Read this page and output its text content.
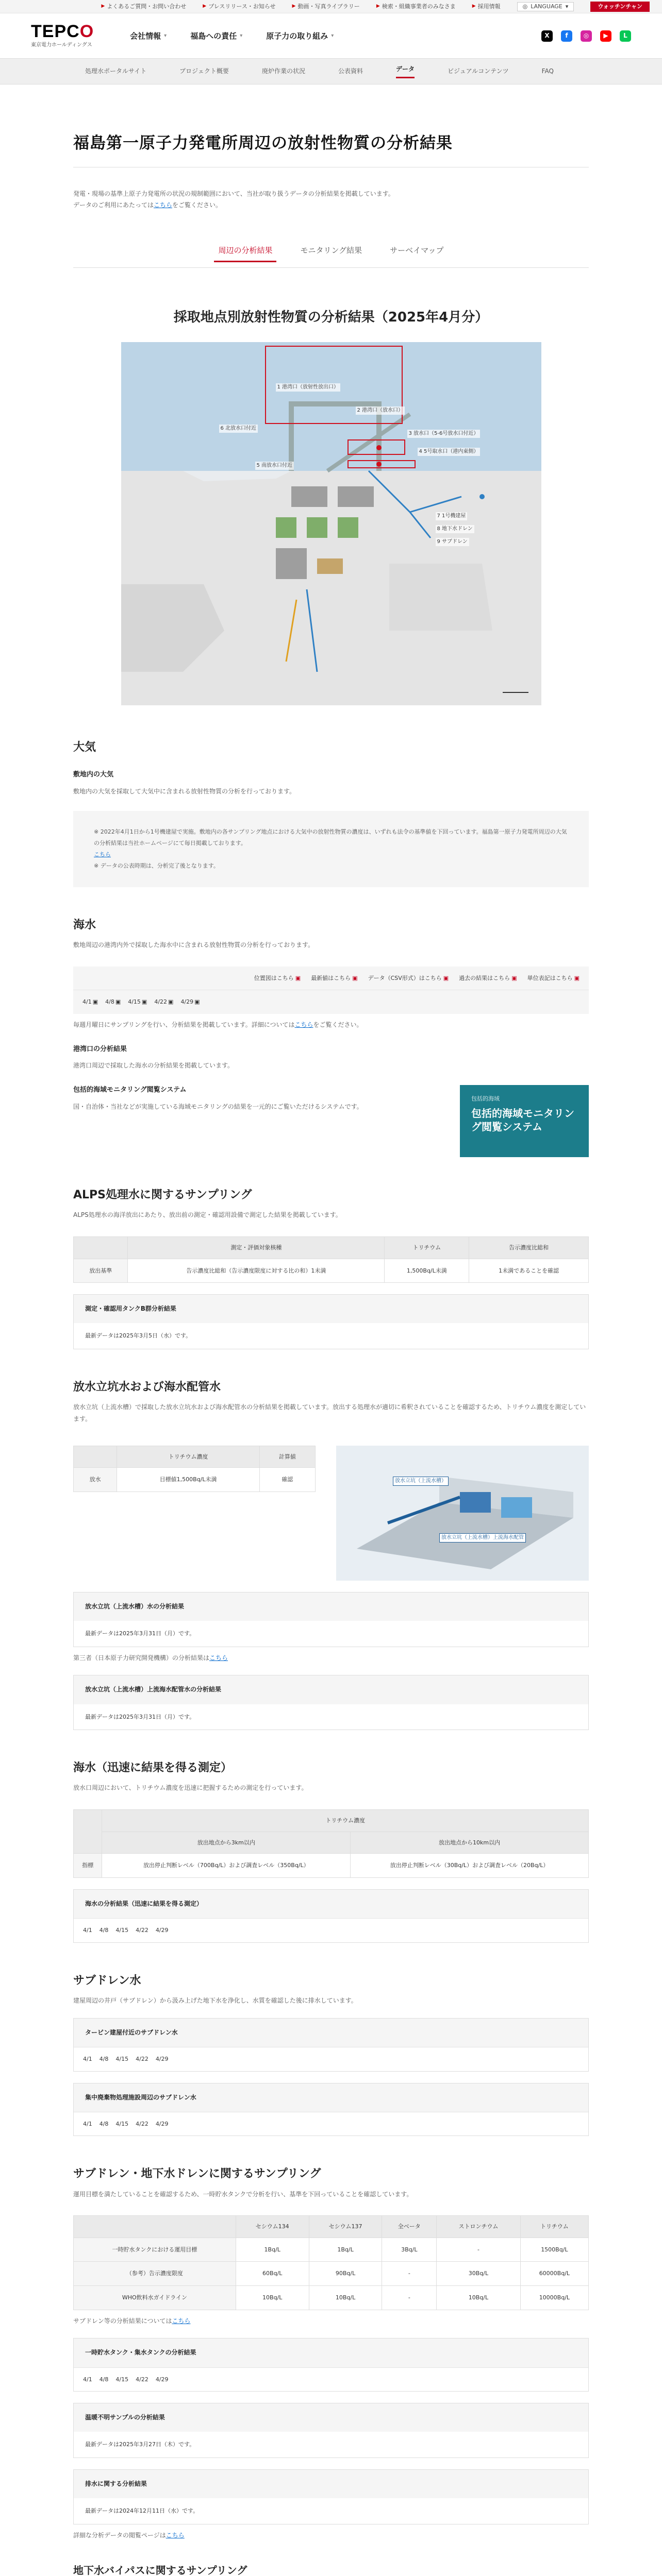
▶ よくあるご質問・お問い合わせ	▶ プレスリリース・お知らせ	▶ 動画・写真ライブラリー	▶ 検索・組織事業者のみなさま	▶ 採用情報	◎ LANGUAGE ▾	ウォッチンチャン
TEPCO
東京電力ホールディングス
会社情報 ▾	福島への責任 ▾	原子力の取り組み ▾	X	f	◎	▶	L
処理水ポータルサイト	プロジェクト概要	廃炉作業の状況	公表資料	データ	ビジュアルコンテンツ	FAQ
福島第一原子力発電所周辺の放射性物質の分析結果
発電・現場の基準上原子力発電所の状況の規制範囲において、当社が取り扱うデータの分析結果を掲載しています。
データのご利用にあたってはこちらをご覧ください。
周辺の分析結果	モニタリング結果	サーベイマップ
採取地点別放射性物質の分析結果（2025年4月分）
1 港湾口（放射性放出口）
2 港湾口（放水口）
3 放水口（5-6号放水口付近）
4 5号取水口（港内東側）
5 南放水口付近
6 北放水口付近
7 1号機建屋
8 地下水ドレン
9 サブドレン
大気
敷地内の大気
敷地内の大気を採取して大気中に含まれる放射性物質の分析を行っております。
※ 2022年4月1日から1号機建屋で実施。敷地内の各サンプリング地点における大気中の放射性物質の濃度は、いずれも法令の基準値を下回っています。福島第一原子力発電所周辺の大気の分析結果は当社ホームページにて毎日掲載しております。
こちら
※ データの公表時期は、分析完了後となります。
海水
敷地周辺の港湾内外で採取した海水中に含まれる放射性物質の分析を行っております。
位置図はこちら ▣ 最新値はこちら ▣ データ（CSV形式）はこちら ▣ 過去の結果はこちら ▣ 単位表記はこちら ▣
4/1 ▣ 4/8 ▣ 4/15 ▣ 4/22 ▣ 4/29 ▣
毎週月曜日にサンプリングを行い、分析結果を掲載しています。詳細についてはこちらをご覧ください。
港湾口の分析結果
港湾口周辺で採取した海水の分析結果を掲載しています。
包括的海域モニタリング閲覧システム
国・自治体・当社などが実施している海域モニタリングの結果を一元的にご覧いただけるシステムです。
包括的海域
包括的海域モニタリング閲覧システム
ALPS処理水に関するサンプリング
ALPS処理水の海洋放出にあたり、放出前の測定・確認用設備で測定した結果を掲載しています。
	測定・評価対象核種	トリチウム	告示濃度比総和
放出基準	告示濃度比総和（告示濃度限度に対する比の和）1未満	1,500Bq/L未満	1未満であることを確認
測定・確認用タンクB群分析結果
最新データは2025年3月5日（水）です。
放水立坑水および海水配管水
放水立坑（上流水槽）で採取した放水立坑水および海水配管水の分析結果を掲載しています。放出する処理水が適切に希釈されていることを確認するため、トリチウム濃度を測定しています。
	トリチウム濃度	計算値
放水	目標値1,500Bq/L未満	確認	放水立坑（上流水槽）
放水立坑（上流水槽）上流海水配管
放水立坑（上流水槽）水の分析結果
最新データは2025年3月31日（月）です。
第三者（日本原子力研究開発機構）の分析結果はこちら
放水立坑（上流水槽）上流海水配管水の分析結果
最新データは2025年3月31日（月）です。
海水（迅速に結果を得る測定）
放水口周辺において、トリチウム濃度を迅速に把握するための測定を行っています。
	トリチウム濃度	
	放出地点から3km以内	放出地点から10km以内
指標	放出停止判断レベル（700Bq/L）および調査レベル（350Bq/L）	放出停止判断レベル（30Bq/L）および調査レベル（20Bq/L）
海水の分析結果（迅速に結果を得る測定）
4/1 4/8 4/15 4/22 4/29
サブドレン水
建屋周辺の井戸（サブドレン）から汲み上げた地下水を浄化し、水質を確認した後に排水しています。
タービン建屋付近のサブドレン水
4/1 4/8 4/15 4/22 4/29
集中廃棄物処理施設周辺のサブドレン水
4/1 4/8 4/15 4/22 4/29
サブドレン・地下水ドレンに関するサンプリング
運用目標を満たしていることを確認するため、一時貯水タンクで分析を行い、基準を下回っていることを確認しています。
	セシウム134	セシウム137	全ベータ	ストロンチウム	トリチウム
一時貯水タンクにおける運用目標	1Bq/L	1Bq/L	3Bq/L	-	1500Bq/L
（参考）告示濃度限度	60Bq/L	90Bq/L	-	30Bq/L	60000Bq/L
WHO飲料水ガイドライン	10Bq/L	10Bq/L	-	10Bq/L	10000Bq/L
サブドレン等の分析結果についてはこちら
一時貯水タンク・集水タンクの分析結果
4/1 4/8 4/15 4/22 4/29
温暖不明サンプルの分析結果
最新データは2025年3月27日（木）です。
排水に関する分析結果
最新データは2024年12月11日（水）です。
詳細な分析データの閲覧ページはこちら
地下水バイパスに関するサンプリング
